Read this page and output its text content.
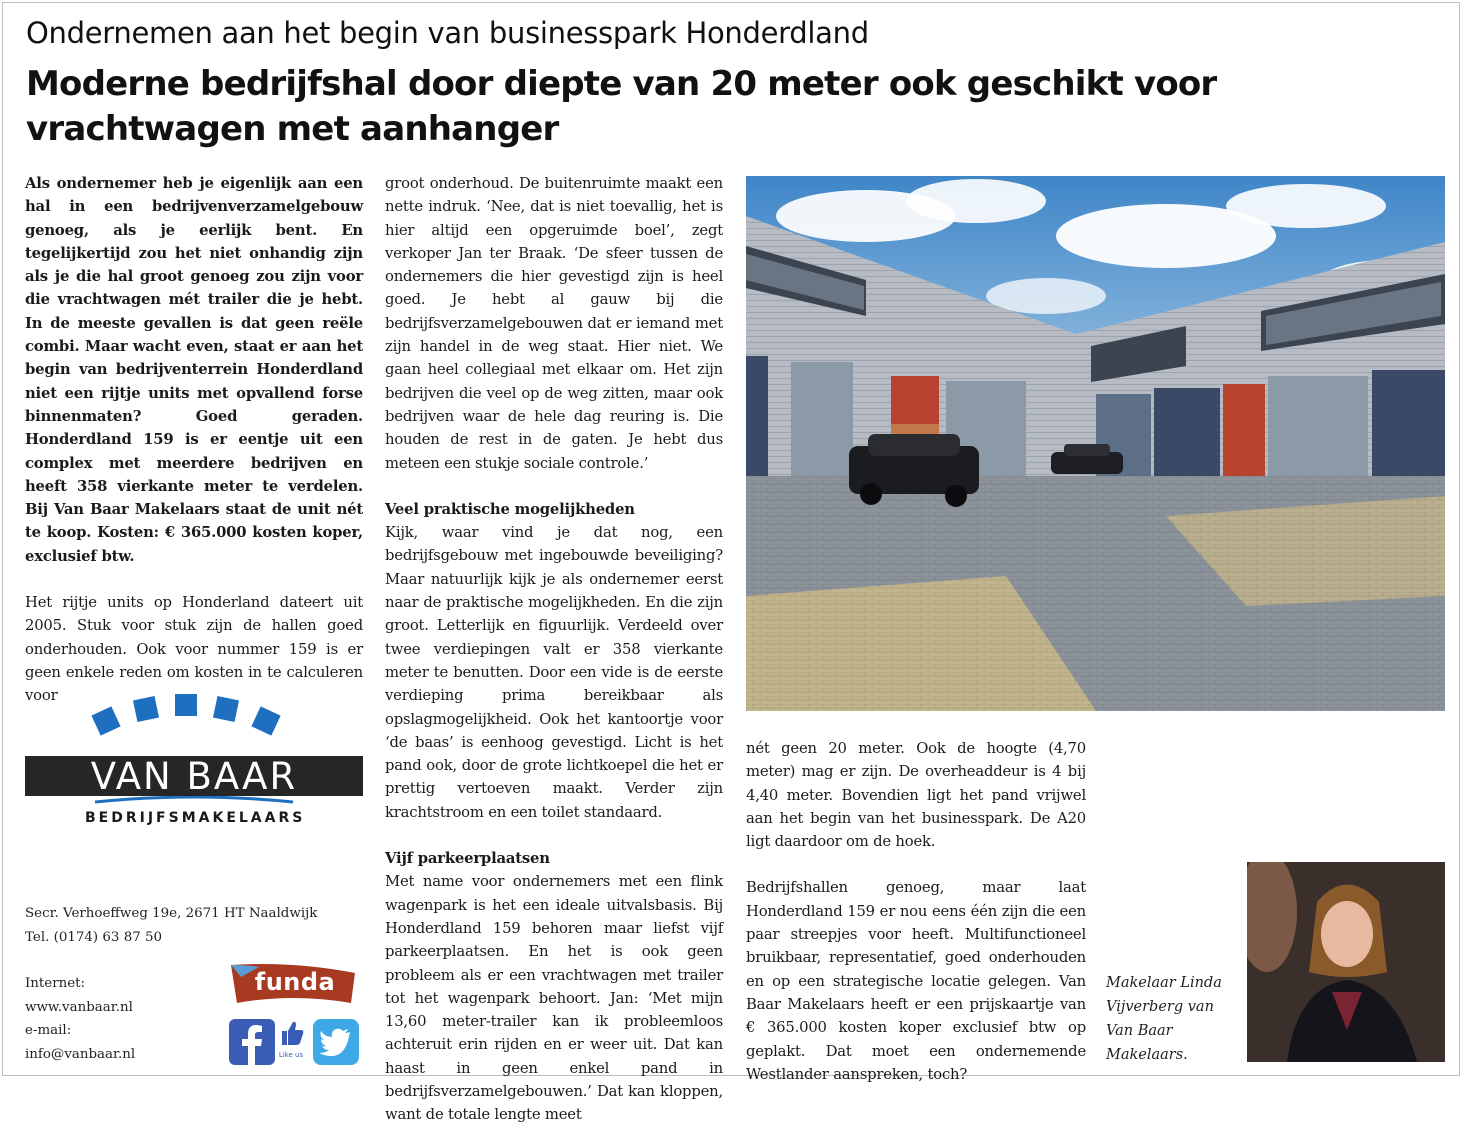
Ondernemen aan het begin van businesspark Honderdland
Moderne bedrijfshal door diepte van 20 meter ook geschikt voor vrachtwagen met aanhanger

Als ondernemer heb je eigenlijk aan een hal in een bedrijvenverzamelgebouw genoeg, als je eerlijk bent. En tegelijkertijd zou het niet onhandig zijn als je die hal groot genoeg zou zijn voor die vrachtwagen mét trailer die je hebt. In de meeste gevallen is dat geen reële combi. Maar wacht even, staat er aan het begin van bedrijventerrein Honderdland niet een rijtje units met opvallend forse binnenmaten? Goed geraden. Honderdland 159 is er eentje uit een complex met meerdere bedrijven en heeft 358 vierkante meter te verdelen. Bij Van Baar Makelaars staat de unit nét te koop. Kosten: € 365.000 kosten koper, exclusief btw.

Het rijtje units op Honderland dateert uit 2005. Stuk voor stuk zijn de hallen goed onderhouden. Ook voor nummer 159 is er geen enkele reden om kosten in te calculeren voor

groot onderhoud. De buitenruimte maakt een nette indruk. ‘Nee, dat is niet toevallig, het is hier altijd een opgeruimde boel’, zegt verkoper Jan ter Braak. ‘De sfeer tussen de ondernemers die hier gevestigd zijn is heel goed. Je hebt al gauw bij die bedrijfsverzamelgebouwen dat er iemand met zijn handel in de weg staat. Hier niet. We gaan heel collegiaal met elkaar om. Het zijn bedrijven die veel op de weg zitten, maar ook bedrijven waar de hele dag reuring is. Die houden de rest in de gaten. Je hebt dus meteen een stukje sociale controle.’

Veel praktische mogelijkheden

Kijk, waar vind je dat nog, een bedrijfsgebouw met ingebouwde beveiliging? Maar natuurlijk kijk je als ondernemer eerst naar de praktische mogelijkheden. En die zijn groot. Letterlijk en figuurlijk. Verdeeld over twee verdiepingen valt er 358 vierkante meter te benutten. Door een vide is de eerste verdieping prima bereikbaar als opslagmogelijkheid. Ook het kantoortje voor ‘de baas’ is eenhoog gevestigd. Licht is het pand ook, door de grote lichtkoepel die het er prettig vertoeven maakt. Verder zijn krachtstroom en een toilet standaard.

Vijf parkeerplaatsen

Met name voor ondernemers met een flink wagenpark is het een ideale uitvalsbasis. Bij Honderdland 159 behoren maar liefst vijf parkeerplaatsen. En het is ook geen probleem als er een vrachtwagen met trailer tot het wagenpark behoort. Jan: ‘Met mijn 13,60 meter-trailer kan ik probleemloos achteruit erin rijden en er weer uit. Dat kan haast in geen enkel pand in bedrijfsverzamelgebouwen.’ Dat kan kloppen, want de totale lengte meet

nét geen 20 meter. Ook de hoogte (4,70 meter) mag er zijn. De overheaddeur is 4 bij 4,40 meter. Bovendien ligt het pand vrijwel aan het begin van het businesspark. De A20 ligt daardoor om de hoek.

Bedrijfshallen genoeg, maar laat Honderdland 159 er nou eens één zijn die een paar streepjes voor heeft. Multifunctioneel bruikbaar, representatief, goed onderhouden en op een strategische locatie gelegen. Van Baar Makelaars heeft er een prijskaartje van € 365.000 kosten koper exclusief btw op geplakt. Dat moet een ondernemende Westlander aanspreken, toch?

Makelaar Linda Vijverberg van Van Baar Makelaars.
VAN BAAR
BEDRIJFSMAKELAARS
Secr. Verhoeffweg 19e, 2671 HT Naaldwijk
Tel. (0174) 63 87 50
Internet:
www.vanbaar.nl
e-mail:
info@vanbaar.nl
funda
Like us
